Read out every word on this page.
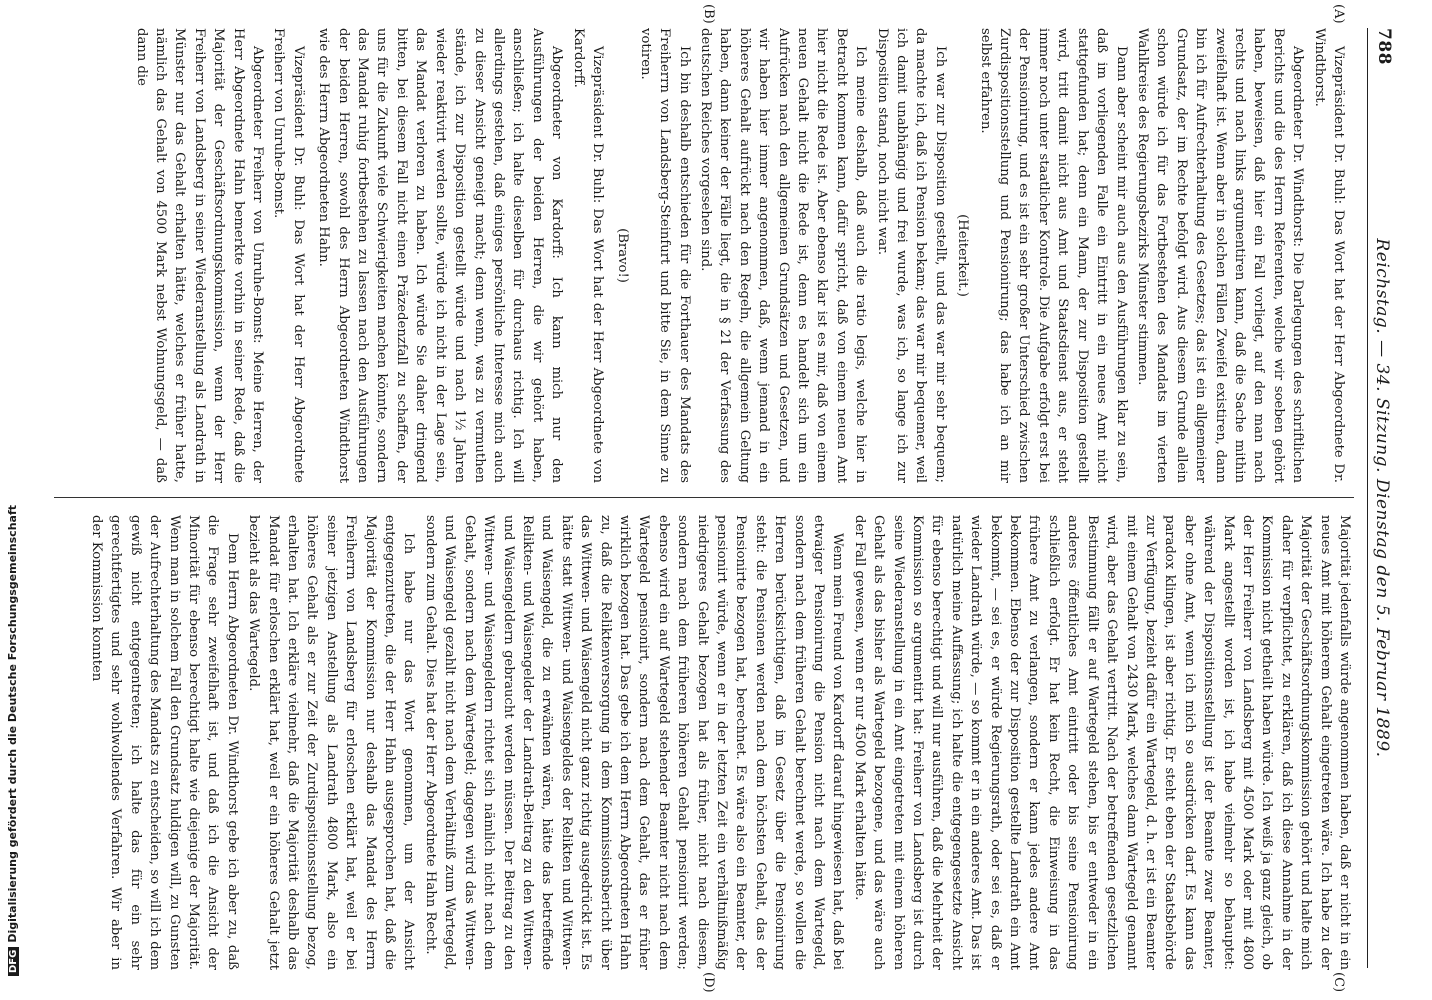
788
Reichstag. — 34. Sitzung. Dienstag den 5. Februar 1889.
(A)
(B)
(C)
(D)

Vizepräsident Dr. Buhl: Das Wort hat der Herr Abgeordnete Dr. Windthorst.

Abgeordneter Dr. Windthorst: Die Darlegungen des schriftlichen Berichts und die des Herrn Referenten, welche wir soeben gehört haben, beweisen, daß hier ein Fall vorliegt, auf den man nach rechts und nach links argumentiren kann, daß die Sache mithin zweifelhaft ist. Wenn aber in solchen Fällen Zweifel existiren, dann bin ich für Aufrechterhaltung des Gesetzes; das ist ein allgemeiner Grundsatz, der im Rechte befolgt wird. Aus diesem Grunde allein schon würde ich für das Fortbestehen des Mandats im vierten Wahlkreise des Regierungsbezirks Münster stimmen.

Dann aber scheint mir auch aus den Ausführungen klar zu sein, daß im vorliegenden Falle ein Eintritt in ein neues Amt nicht stattgefunden hat; denn ein Mann, der zur Disposition gestellt wird, tritt damit nicht aus Amt und Staatsdienst aus, er steht immer noch unter staatlicher Kontrole. Die Aufgabe erfolgt erst bei der Pensionirung, und es ist ein sehr großer Unterschied zwischen Zurdispositionsstellung und Pensionirung; das habe ich an mir selbst erfahren.

(Heiterkeit.)

Ich war zur Disposition gestellt, und das war mir sehr bequem; da machte ich, daß ich Pension bekam; das war mir bequemer, weil ich damit unabhängig und frei wurde, was ich, so lange ich zur Disposition stand, noch nicht war.

Ich meine deshalb, daß auch die ratio legis, welche hier in Betracht kommen kann, dafür spricht, daß von einem neuen Amt hier nicht die Rede ist. Aber ebenso klar ist es mir, daß von einem neuen Gehalt nicht die Rede ist, denn es handelt sich um ein Aufrücken nach den allgemeinen Grundsätzen und Gesetzen, und wir haben hier immer angenommen, daß, wenn jemand in ein höheres Gehalt aufrückt nach den Regeln, die allgemein Geltung haben, dann keiner der Fälle liegt, die in § 21 der Verfassung des deutschen Reiches vorgesehen sind.

Ich bin deshalb entschieden für die Forthauer des Mandats des Freiherrn von Landsberg-Steinfurt und bitte Sie, in dem Sinne zu votiren.

(Bravo!)

Vizepräsident Dr. Buhl: Das Wort hat der Herr Abgeordnete von Kardorff.

Abgeordneter von Kardorff: Ich kann mich nur den Ausführungen der beiden Herren, die wir gehört haben, anschließen; ich halte dieselben für durchaus richtig. Ich will allerdings gestehen, daß einiges persönliche Interesse mich auch zu dieser Ansicht geneigt macht; denn wenn, was zu vermuthen stände, ich zur Disposition gestellt würde und nach 1½ Jahren wieder reaktivirt werden sollte, würde ich nicht in der Lage sein, das Mandat verloren zu haben. Ich würde Sie daher dringend bitten, bei diesem Fall nicht einen Präzedenzfall zu schaffen, der uns für die Zukunft viele Schwierigkeiten machen könnte, sondern das Mandat ruhig fortbestehen zu lassen nach den Ausführungen der beiden Herren, sowohl des Herrn Abgeordneten Windthorst wie des Herrn Abgeordneten Hahn.

Vizepräsident Dr. Buhl: Das Wort hat der Herr Abgeordnete Freiherr von Unruhe-Bomst.

Abgeordneter Freiherr von Unruhe-Bomst: Meine Herren, der Herr Abgeordnete Hahn bemerkte vorhin in seiner Rede, daß die Majorität der Geschäftsordnungskommission, wenn der Herr Freiherr von Landsberg in seiner Wiederanstellung als Landrath in Münster nur das Gehalt erhalten hätte, welches er früher hatte, nämlich das Gehalt von 4500 Mark nebst Wohnungsgeld, — daß dann die

Majorität jedenfalls würde angenommen haben, daß er nicht in ein neues Amt mit höherem Gehalt eingetreten wäre. Ich habe zu der Majorität der Geschäftsordnungskommission gehört und halte mich daher für verpflichtet, zu erklären, daß ich diese Annahme in der Kommission nicht getheilt haben würde. Ich weiß ja ganz gleich, ob der Herr Freiherr von Landsberg mit 4500 Mark oder mit 4800 Mark angestellt worden ist, ich habe vielmehr so behauptet: während der Dispositionsstellung ist der Beamte zwar Beamter, aber ohne Amt, wenn ich mich so ausdrücken darf. Es kann das paradox klingen, ist aber richtig. Er steht eben der Staatsbehörde zur Verfügung, bezieht dafür ein Wartegeld, d. h. er ist ein Beamter mit einem Gehalt von 2430 Mark, welches dann Wartegeld genannt wird, aber das Gehalt vertritt. Nach der betreffenden gesetzlichen Bestimmung fällt er auf Wartegeld stehen, bis er entweder in ein anderes öffentliches Amt eintritt oder bis seine Pensionirung schließlich erfolgt. Er hat kein Recht, die Einweisung in das frühere Amt zu verlangen, sondern er kann jedes andere Amt bekommen. Ebenso der zur Disposition gestellte Landrath ein Amt bekommt, — sei es, er würde Regierungsrath, oder sei es, daß er wieder Landrath würde, — so kommt er in ein anderes Amt. Das ist natürlich meine Auffassung; ich halte die entgegengesetzte Ansicht für ebenso berechtigt und will nur ausführen, daß die Mehrheit der Kommission so argumentirt hat: Freiherr von Landsberg ist durch seine Wiederanstellung in ein Amt eingetreten mit einem höheren Gehalt als das bisher als Wartegeld bezogene, und das wäre auch der Fall gewesen, wenn er nur 4500 Mark erhalten hätte.

Wenn mein Freund von Kardorff darauf hingewiesen hat, daß bei etwaiger Pensionirung die Pension nicht nach dem Wartegeld, sondern nach dem früheren Gehalt berechnet werde, so wollen die Herren berücksichtigen, daß im Gesetz über die Pensionirung steht: die Pensionen werden nach dem höchsten Gehalt, das der Pensionirte bezogen hat, berechnet. Es wäre also ein Beamter, der pensionirt würde, wenn er in der letzten Zeit ein verhältnißmäßig niedrigeres Gehalt bezogen hat als früher, nicht nach diesem, sondern nach dem früheren höheren Gehalt pensionirt werden; ebenso wird ein auf Wartegeld stehender Beamter nicht nach dem Wartegeld pensionirt, sondern nach dem Gehalt, das er früher wirklich bezogen hat. Das gebe ich dem Herrn Abgeordneten Hahn zu, daß die Reliktenversorgung in dem Kommissionsbericht über das Wittwen- und Waisengeld nicht ganz richtig ausgedrückt ist. Es hätte statt Wittwen- und Waisengeldes der Relikten und Wittwen- und Waisengeld, die zu erwähnen wären, hätte das betreffende Relikten- und Waisengelder der Landrath-Beitrag zu den Wittwen- und Waisengeldern gebraucht werden müssen. Der Beitrag zu den Wittwen- und Waisengeldern richtet sich nämlich nicht nach dem Gehalt, sondern nach dem Wartegeld; dagegen wird das Wittwen- und Waisengeld gezahlt nicht nach dem Verhältniß zum Wartegeld, sondern zum Gehalt. Dies hat der Herr Abgeordnete Hahn Recht.

Ich habe nur das Wort genommen, um der Ansicht entgegenzutreten, die der Herr Hahn ausgesprochen hat, daß die Majorität der Kommission nur deshalb das Mandat des Herrn Freiherrn von Landsberg für erloschen erklärt hat, weil er bei seiner jetzigen Anstellung als Landrath 4800 Mark, also ein höheres Gehalt als er zur Zeit der Zurdispositionsstellung bezog, erhalten hat. Ich erkläre vielmehr, daß die Majorität deshalb das Mandat für erloschen erklärt hat, weil er ein höheres Gehalt jetzt bezieht als das Wartegeld.

Dem Herrn Abgeordneten Dr. Windthorst gebe ich aber zu, daß die Frage sehr zweifelhaft ist, und daß ich die Ansicht der Minorität für ebenso berechtigt halte wie diejenige der Majorität. Wenn man in solchem Fall den Grundsatz huldigen will, zu Gunsten der Aufrechterhaltung des Mandats zu entscheiden, so will ich dem gewiß nicht entgegentreten; ich halte das für ein sehr gerechtfertigtes und sehr wohlwollendes Verfahren. Wir aber in der Kommission konnten

DFGDigitalisierung gefördert durch die Deutsche Forschungsgemeinschaft
